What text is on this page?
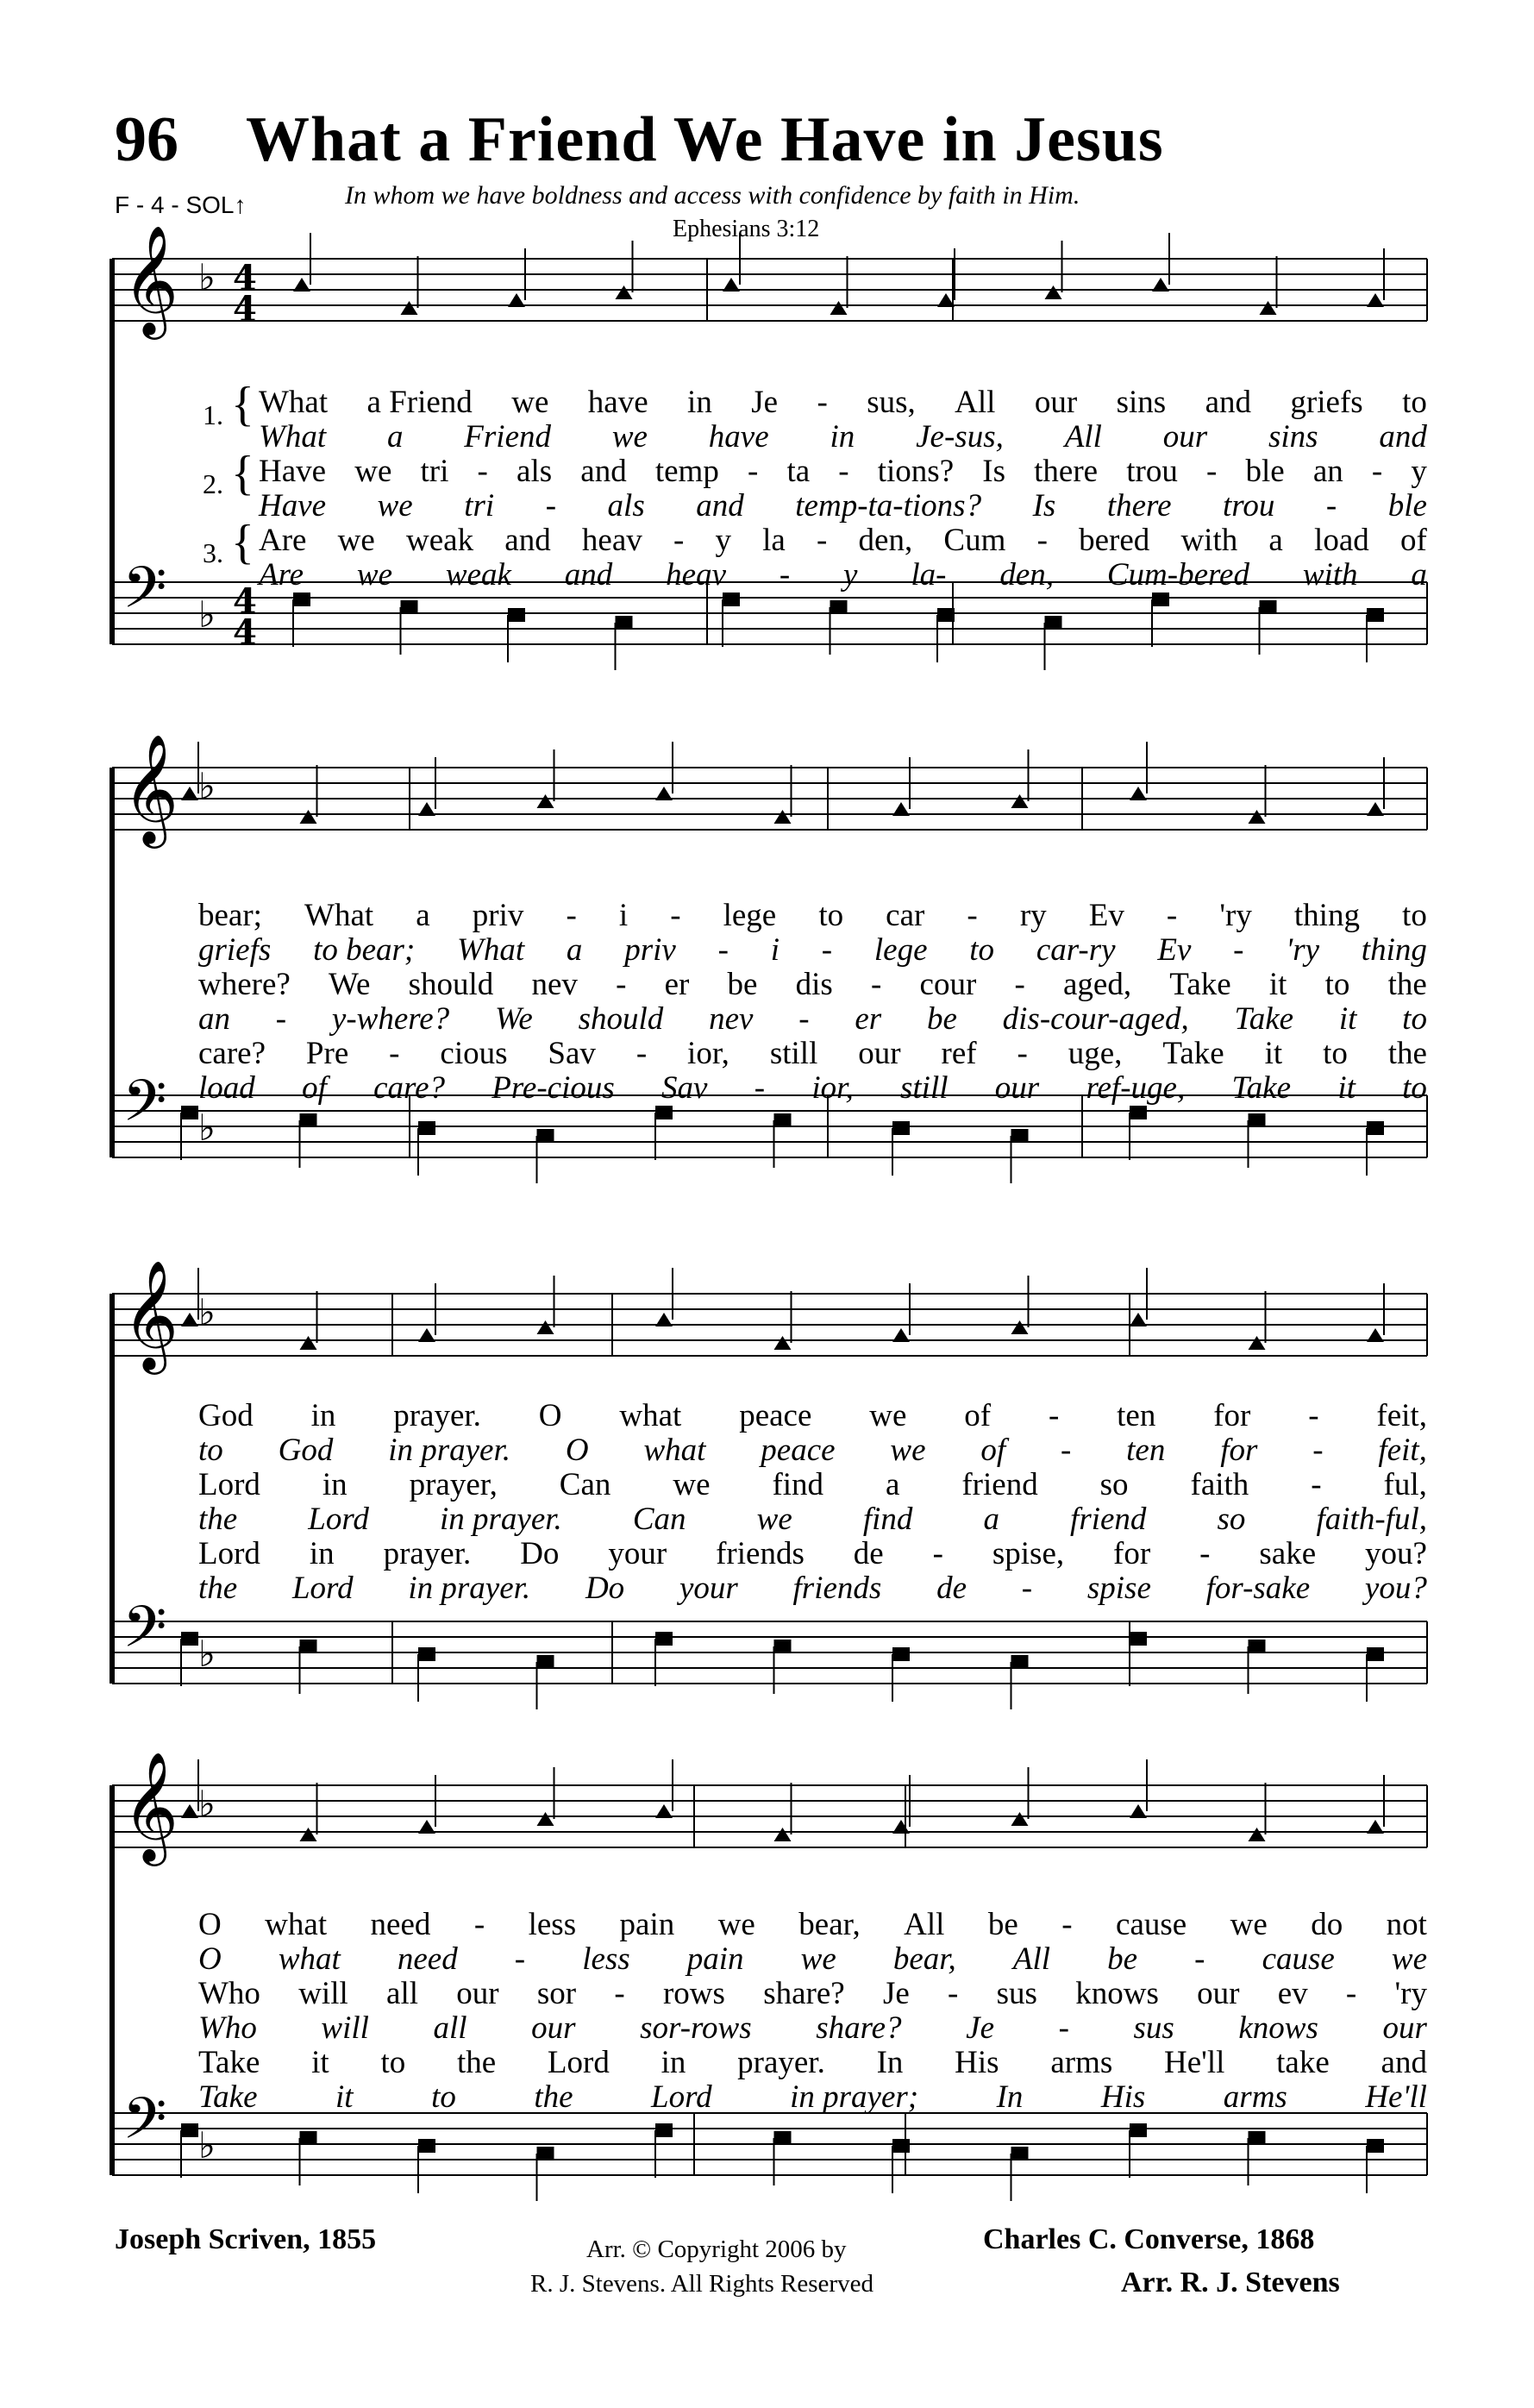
96 What a Friend We Have in Jesus
F - 4 - SOL↑	In whom we have boldness and access with confidence by faith in Him.
Ephesians 3:12
𝄞 ♭ 4
4
𝄢 ♭ 4
4
𝄞 ♭
𝄢 ♭
𝄞 ♭
𝄢 ♭
𝄞 ♭
𝄢 ♭
What a Friend we have in Je - sus, All our sins and griefs to
What a Friend we have in Je-sus, All our sins and
Have we tri - als and temp - ta - tions? Is there trou - ble an - y
Have we tri - als and temp-ta-tions? Is there trou - ble
Are we weak and heav - y la - den, Cum - bered with a load of
Are we weak and heav - y la- den, Cum-bered with a
1. {
2. {
3. {
bear; What a priv - i - lege to car - ry Ev - 'ry thing to
griefs to bear; What a priv - i - lege to car-ry Ev - 'ry thing
where? We should nev - er be dis - cour - aged, Take it to the
an - y-where? We should nev - er be dis-cour-aged, Take it to
care? Pre - cious Sav - ior, still our ref - uge, Take it to the
load of care? Pre-cious Sav - ior, still our ref-uge, Take it to
God in prayer. O what peace we of - ten for - feit,
to God in prayer. O what peace we of - ten for - feit,
Lord in prayer, Can we find a friend so faith - ful,
the Lord in prayer. Can we find a friend so faith-ful,
Lord in prayer. Do your friends de - spise, for - sake you?
the Lord in prayer. Do your friends de - spise for-sake you?
O what need - less pain we bear, All be - cause we do not
O what need - less pain we bear, All be - cause we
Who will all our sor - rows share? Je - sus knows our ev - 'ry
Who will all our sor-rows share? Je - sus knows our
Take it to the Lord in prayer. In His arms He'll take and
Take it to the Lord in prayer; In His arms He'll
Joseph Scriven, 1855	Arr. © Copyright 2006 by
R. J. Stevens. All Rights Reserved
Charles C. Converse, 1868
Arr. R. J. Stevens
